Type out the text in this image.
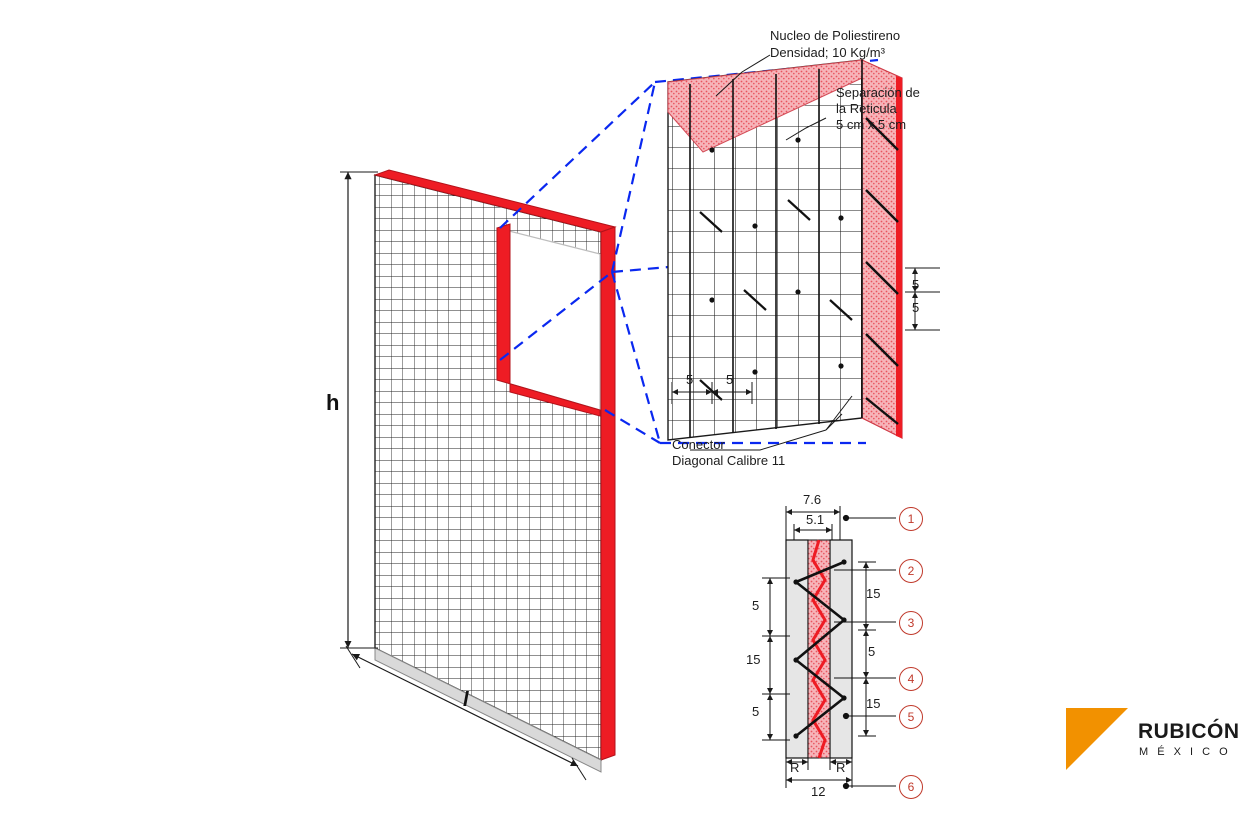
Nucleo de Poliestireno
Densidad; 10 Kg/m³
Separación de
la Reticula
5 cm x 5 cm
Conector
Diagonal Calibre 11
h
l
5
5
5	5
7.6
5.1
R	R
12
5
15
5
15
5
15
1
2
3
4
5
6
RUBICÓN
M É X I C O
